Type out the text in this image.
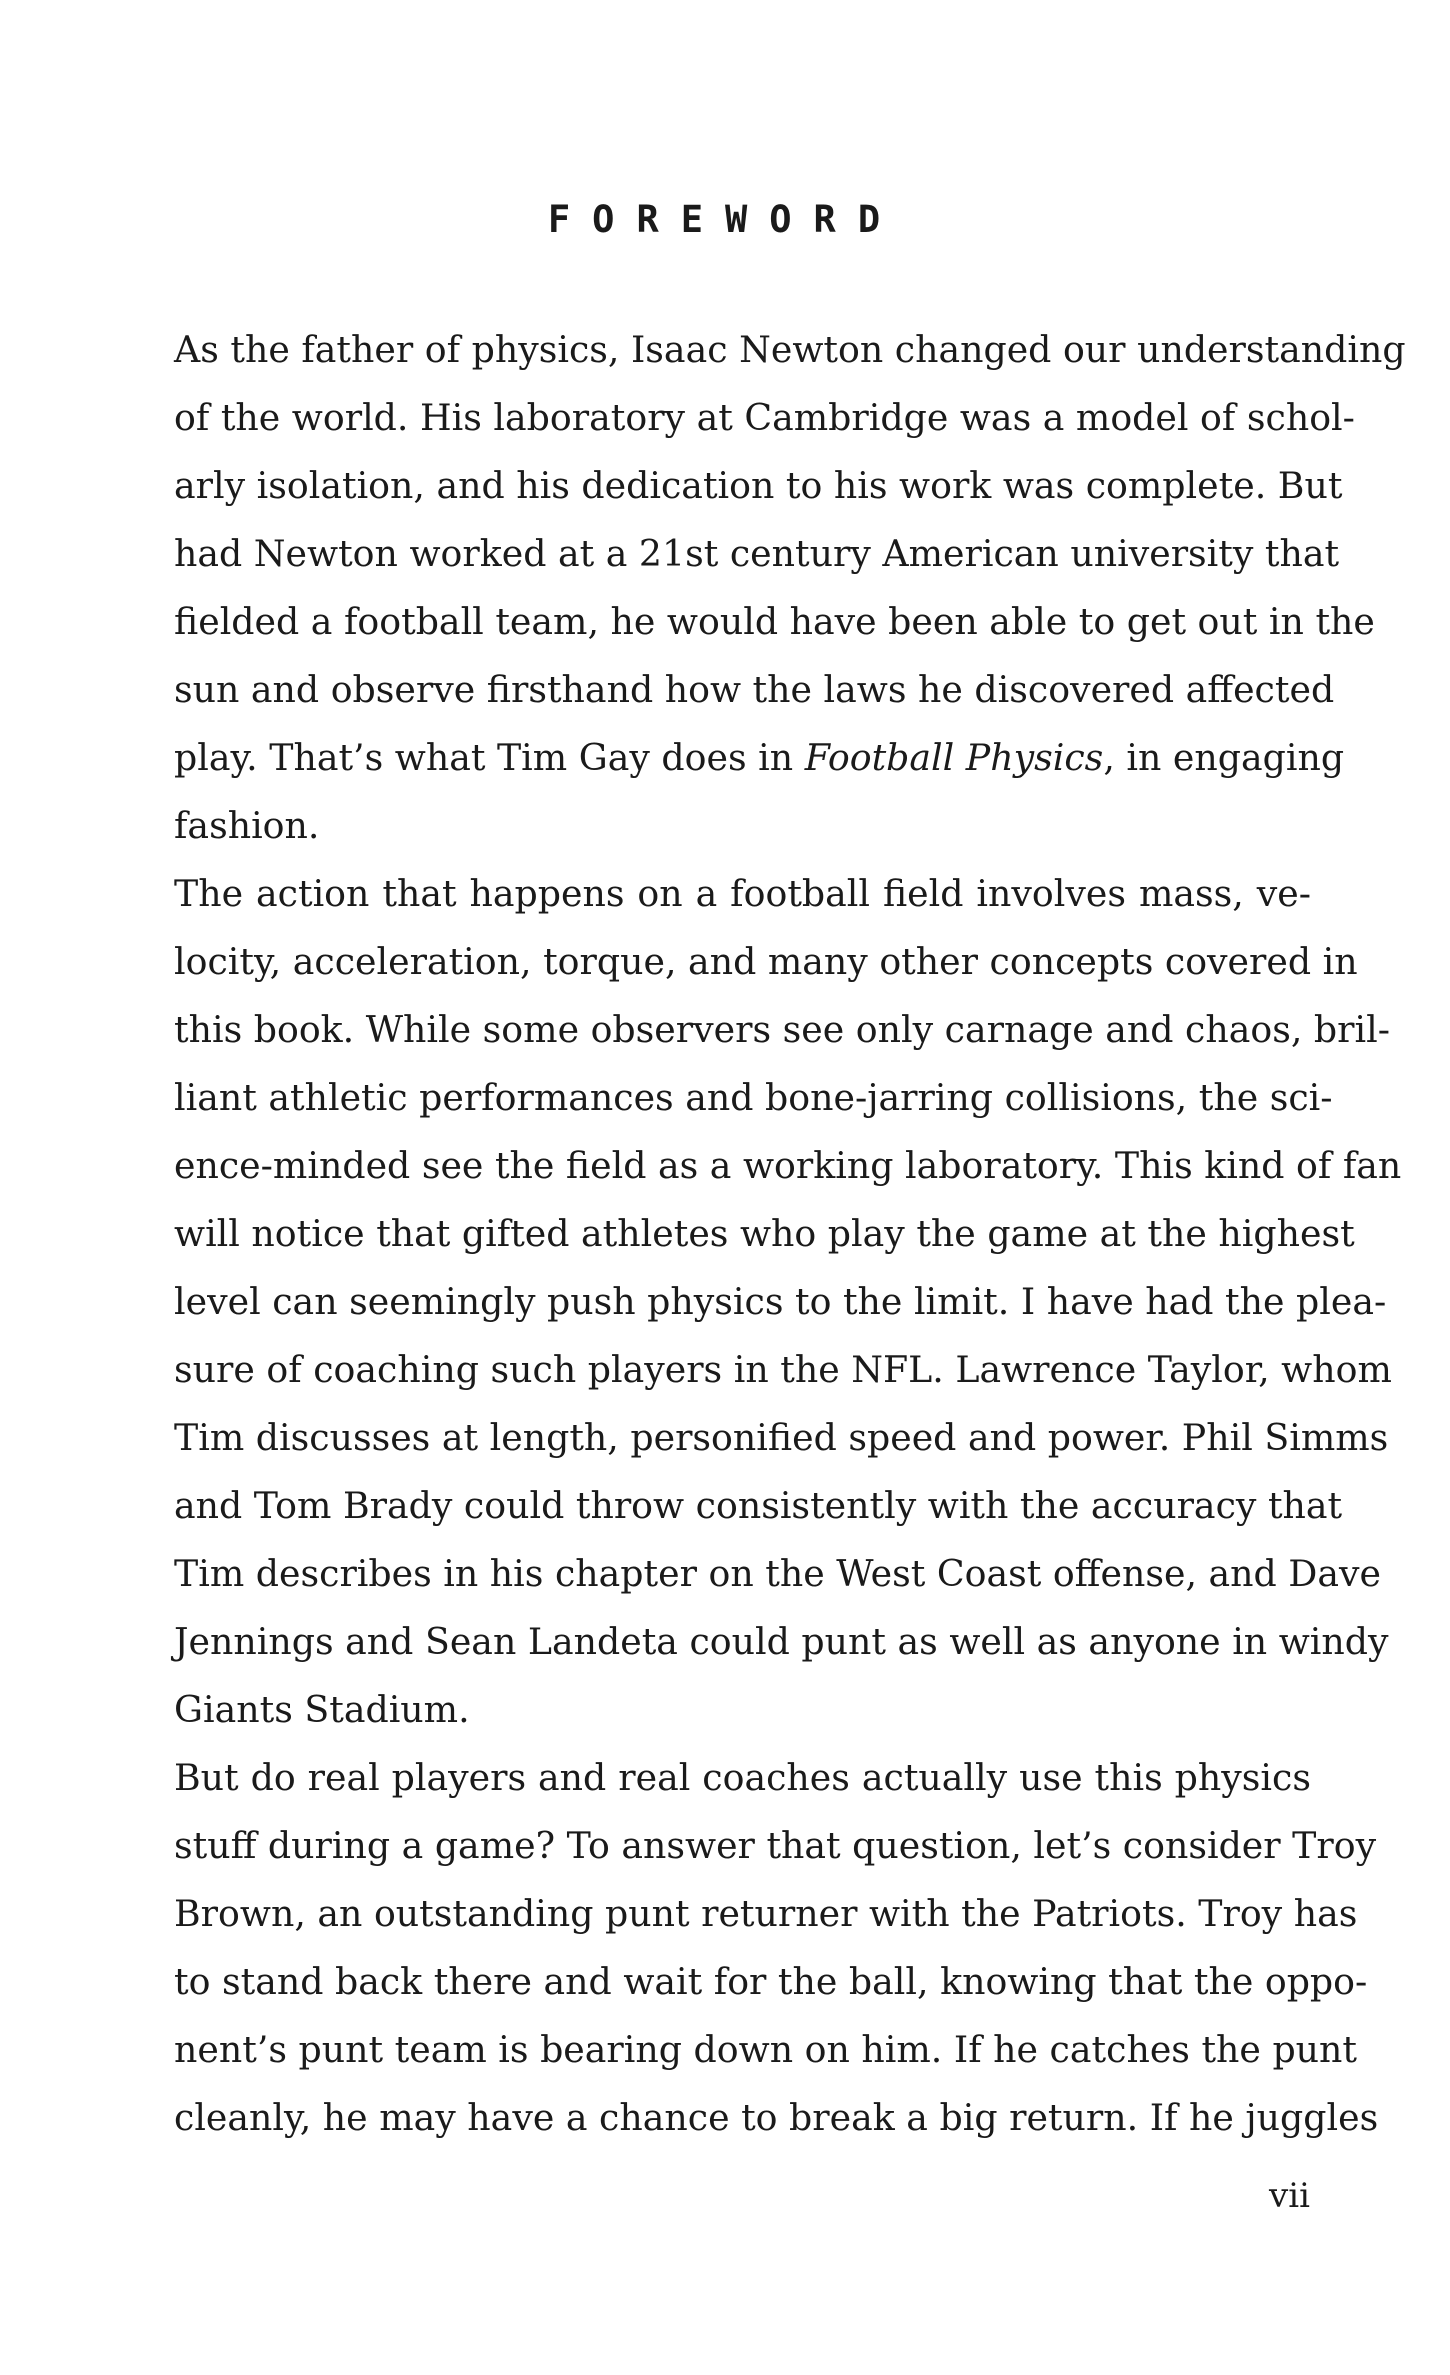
FOREWORD
As the father of physics, Isaac Newton changed our understanding
of the world. His laboratory at Cambridge was a model of schol-
arly isolation, and his dedication to his work was complete. But
had Newton worked at a 21st century American university that
fielded a football team, he would have been able to get out in the
sun and observe firsthand how the laws he discovered affected
play. That’s what Tim Gay does in Football Physics, in engaging
fashion.
The action that happens on a football field involves mass, ve-
locity, acceleration, torque, and many other concepts covered in
this book. While some observers see only carnage and chaos, bril-
liant athletic performances and bone-jarring collisions, the sci-
ence-minded see the field as a working laboratory. This kind of fan
will notice that gifted athletes who play the game at the highest
level can seemingly push physics to the limit. I have had the plea-
sure of coaching such players in the NFL. Lawrence Taylor, whom
Tim discusses at length, personified speed and power. Phil Simms
and Tom Brady could throw consistently with the accuracy that
Tim describes in his chapter on the West Coast offense, and Dave
Jennings and Sean Landeta could punt as well as anyone in windy
Giants Stadium.
But do real players and real coaches actually use this physics
stuff during a game? To answer that question, let’s consider Troy
Brown, an outstanding punt returner with the Patriots. Troy has
to stand back there and wait for the ball, knowing that the oppo-
nent’s punt team is bearing down on him. If he catches the punt
cleanly, he may have a chance to break a big return. If he juggles
vii
